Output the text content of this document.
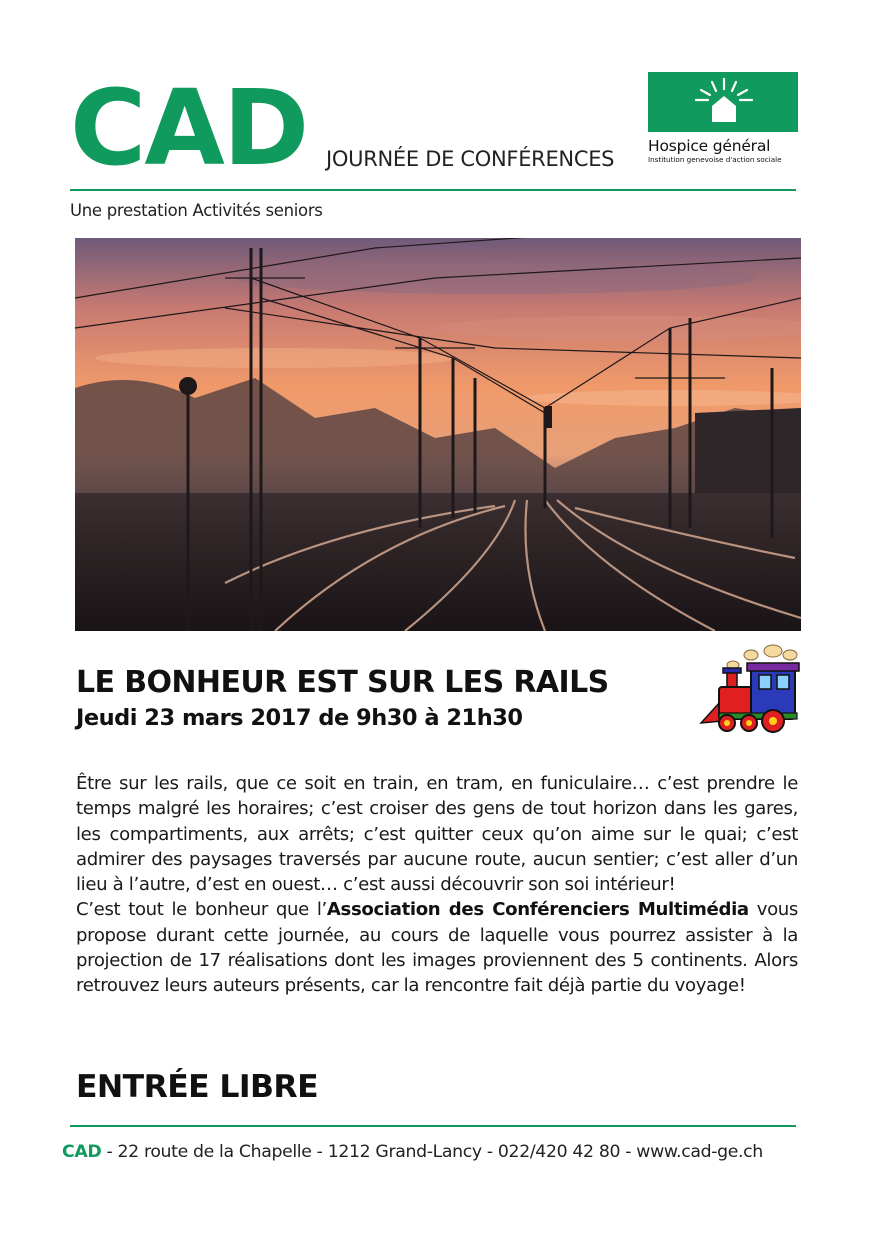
CAD JOURNÉE DE CONFÉRENCES
Hospice général
Institution genevoise d'action sociale
Une prestation Activités seniors
LE BONHEUR EST SUR LES RAILS
Jeudi 23 mars 2017 de 9h30 à 21h30

Être sur les rails, que ce soit en train, en tram, en funiculaire… c’est prendre le temps malgré les horaires; c’est croiser des gens de tout horizon dans les gares, les compartiments, aux arrêts; c’est quitter ceux qu’on aime sur le quai; c’est admirer des paysages traversés par aucune route, aucun sentier; c’est aller d’un lieu à l’autre, d’est en ouest… c’est aussi découvrir son soi intérieur!

C’est tout le bonheur que l’Association des Conférenciers Multimédia vous propose durant cette journée, au cours de laquelle vous pourrez assister à la projection de 17 réalisations dont les images proviennent des 5 continents. Alors retrouvez leurs auteurs présents, car la rencontre fait déjà partie du voyage!

ENTRÉE LIBRE
CAD - 22 route de la Chapelle - 1212 Grand-Lancy - 022/420 42 80 - www.cad-ge.ch
